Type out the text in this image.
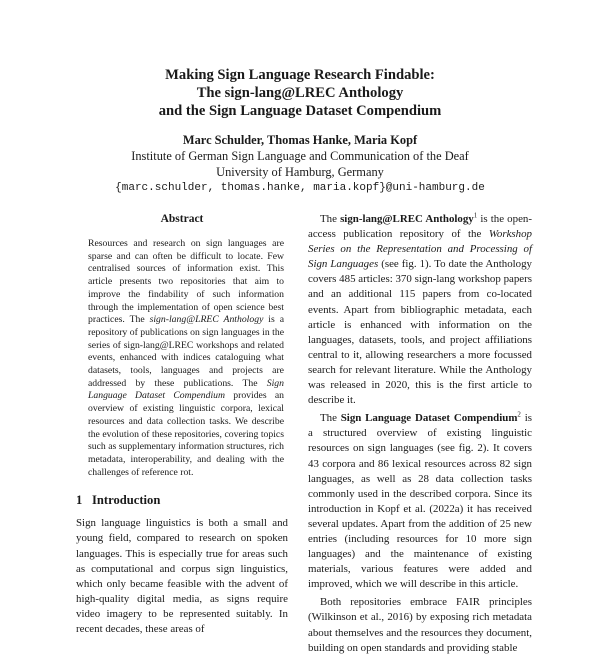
Making Sign Language Research Findable:
The sign-lang@LREC Anthology
and the Sign Language Dataset Compendium
Marc Schulder, Thomas Hanke, Maria Kopf
Institute of German Sign Language and Communication of the Deaf
University of Hamburg, Germany
{marc.schulder, thomas.hanke, maria.kopf}@uni-hamburg.de
Abstract

Resources and research on sign languages are sparse and can often be difficult to locate. Few centralised sources of information exist. This article presents two repositories that aim to improve the findability of such information through the implementation of open science best practices. The sign-lang@LREC Anthology is a repository of publications on sign languages in the series of sign-lang@LREC workshops and related events, enhanced with indices cataloguing what datasets, tools, languages and projects are addressed by these publications. The Sign Language Dataset Compendium provides an overview of existing linguistic corpora, lexical resources and data collection tasks. We describe the evolution of these repositories, covering topics such as supplementary information structures, rich metadata, interoperability, and dealing with the challenges of reference rot.

1 Introduction

Sign language linguistics is both a small and young field, compared to research on spoken languages. This is especially true for areas such as computational and corpus sign linguistics, which only became feasible with the advent of high-quality digital media, as signs require video imagery to be represented suitably. In recent decades, these areas of

The sign-lang@LREC Anthology$^1$ is the open-access publication repository of the Workshop Series on the Representation and Processing of Sign Languages (see fig. 1). To date the Anthology covers 485 articles: 370 sign-lang workshop papers and an additional 115 papers from co-located events. Apart from bibliographic metadata, each article is enhanced with information on the languages, datasets, tools, and project affiliations central to it, allowing researchers a more focussed search for relevant literature. While the Anthology was released in 2020, this is the first article to describe it.

The Sign Language Dataset Compendium$^2$ is a structured overview of existing linguistic resources on sign languages (see fig. 2). It covers 43 corpora and 86 lexical resources across 82 sign languages, as well as 28 data collection tasks commonly used in the described corpora. Since its introduction in Kopf et al. (2022a) it has received several updates. Apart from the addition of 25 new entries (including resources for 10 more sign languages) and the maintenance of existing materials, various features were added and improved, which we will describe in this article.

Both repositories embrace FAIR principles (Wilkinson et al., 2016) by exposing rich metadata about themselves and the resources they document, building on open standards and providing stable
